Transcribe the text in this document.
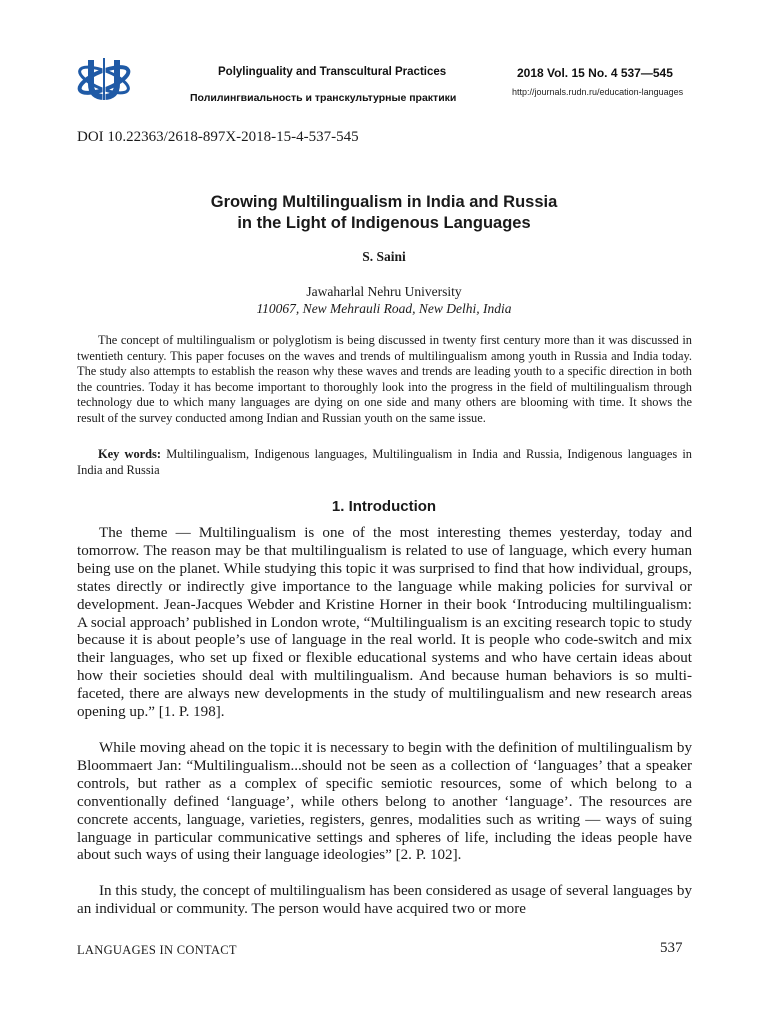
Polylinguality and Transcultural Practices
Полилингвиальность и транскультурные практики
2018 Vol. 15 No. 4 537—545
http://journals.rudn.ru/education-languages
DOI 10.22363/2618-897X-2018-15-4-537-545
Growing Multilingualism in India and Russia
in the Light of Indigenous Languages
S. Saini
Jawaharlal Nehru University
110067, New Mehrauli Road, New Delhi, India

The concept of multilingualism or polyglotism is being discussed in twenty first century more than it was discussed in twentieth century. This paper focuses on the waves and trends of multilingualism among youth in Russia and India today. The study also attempts to establish the reason why these waves and trends are leading youth to a specific direction in both the countries. Today it has become important to thoroughly look into the progress in the field of multilingualism through technology due to which many languages are dying on one side and many others are blooming with time. It shows the result of the survey conducted among Indian and Russian youth on the same issue.

Key words: Multilingualism, Indigenous languages, Multilingualism in India and Russia, Indigenous languages in India and Russia

1. Introduction

The theme — Multilingualism is one of the most interesting themes yesterday, today and tomorrow. The reason may be that multilingualism is related to use of language, which every human being use on the planet. While studying this topic it was surprised to find that how individual, groups, states directly or indirectly give importance to the language while making policies for survival or development. Jean-Jacques Webder and Kristine Horner in their book ‘Introducing multilingualism: A social approach’ published in London wrote, “Multilingualism is an exciting research topic to study because it is about people’s use of language in the real world. It is people who code-switch and mix their languages, who set up fixed or flexible educational systems and who have certain ideas about how their societies should deal with multilingualism. And because human behaviors is so multi-faceted, there are always new developments in the study of multilingualism and new research areas opening up.” [1. P. 198].

While moving ahead on the topic it is necessary to begin with the definition of multilingualism by Bloommaert Jan: “Multilingualism...should not be seen as a collection of ‘languages’ that a speaker controls, but rather as a complex of specific semiotic resources, some of which belong to a conventionally defined ‘language’, while others belong to another ‘language’. The resources are concrete accents, language, varieties, registers, genres, modalities such as writing — ways of suing language in particular communicative settings and spheres of life, including the ideas people have about such ways of using their language ideologies” [2. P. 102].

In this study, the concept of multilingualism has been considered as usage of several languages by an individual or community. The person would have acquired two or more

LANGUAGES IN CONTACT	537
